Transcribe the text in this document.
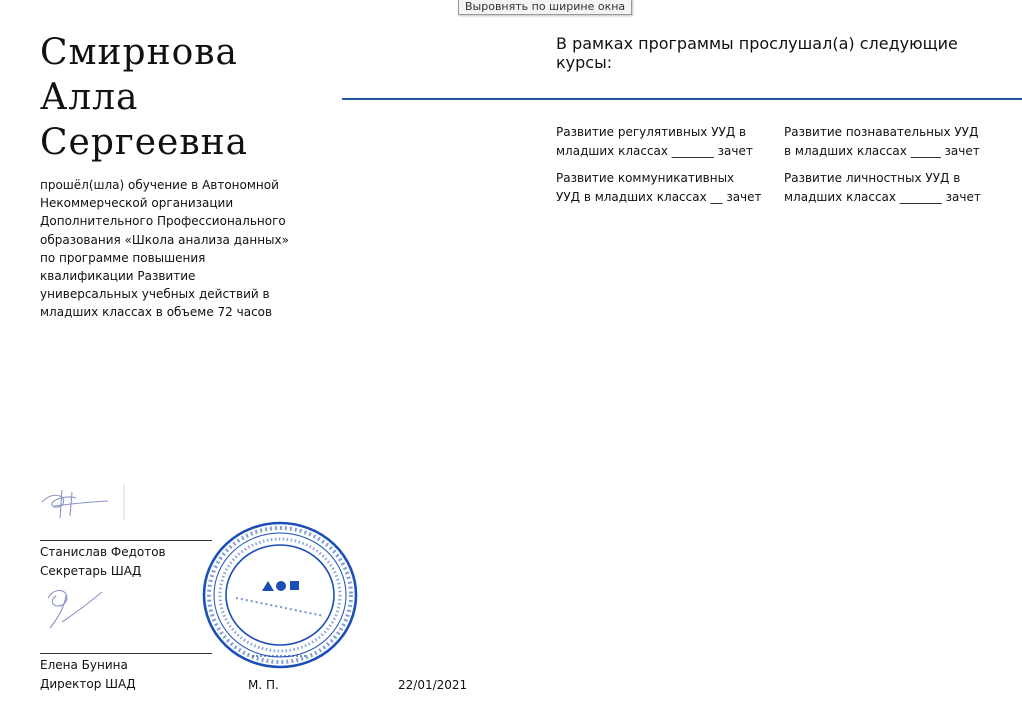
Выровнять по ширине окна
Смирнова
Алла
Сергеевна
прошёл(шла) обучение в Автономной Некоммерческой организации Дополнительного Профессионального образования «Школа анализа данных» по программе повышения квалификации Развитие универсальных учебных действий в младших классах в объеме 72 часов
В рамках программы прослушал(а) следующие курсы:
Развитие регулятивных УУД в
младших классах _______ зачет
Развитие познавательных УУД
в младших классах _____ зачет
Развитие коммуникативных
УУД в младших классах __ зачет
Развитие личностных УУД в
младших классах _______ зачет
Станислав Федотов
Секретарь ШАД
Елена Бунина
Директор ШАД	М. П.	22/01/2021
